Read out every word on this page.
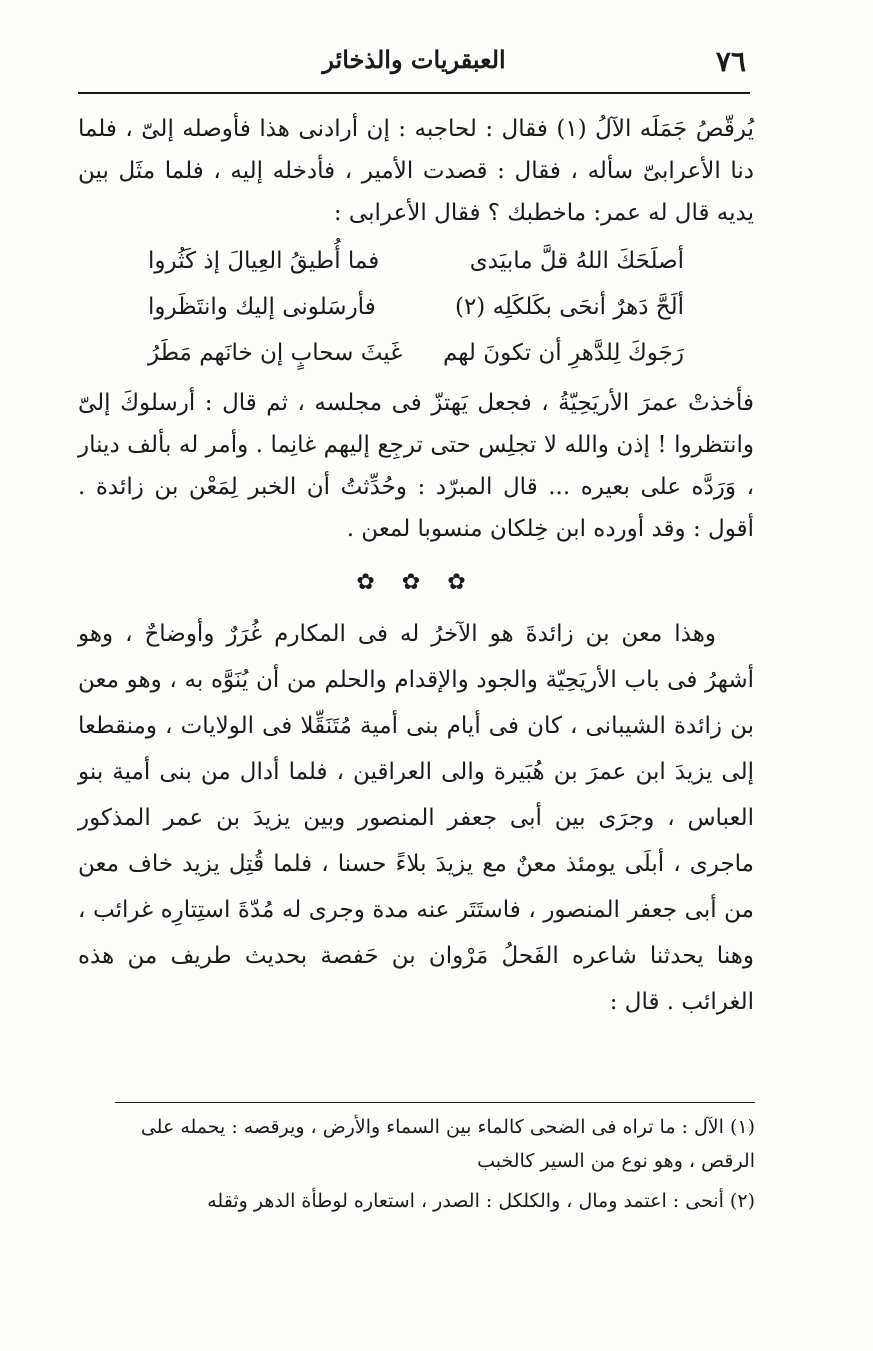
٧٦
العبقريات والذخائر

يُرقّصُ جَمَلَه الآلُ (١) فقال : لحاجبه : إن أرادنى هذا فأوصله إلىّ ، فلما دنا الأعرابىّ سأله ، فقال : قصدت الأمير ، فأدخله إليه ، فلما مثَل بين يديه قال له عمر: ماخطبك ؟ فقال الأعرابى :

أصلَحَكَ اللهُ قلَّ مابيَدى
فما أُطيقُ العِيالَ إذ كَثُروا
ألَحَّ دَهرٌ أنحَى بكَلكَلِه (٢)
فأرسَلونى إليك وانتَظَروا
رَجَوكَ لِلدَّهرِ أن تكونَ لهم
غَيثَ سحابٍ إن خانَهم مَطَرُ

فأخذتْ عمرَ الأريَحِيّةُ ، فجعل يَهتزّ فى مجلسه ، ثم قال : أرسلوكَ إلىّ وانتظروا ! إذن والله لا تجلِس حتى ترجِع إليهم غانِما . وأمر له بألف دينار ، وَرَدَّه على بعيره ... قال المبرّد : وحُدِّثتُ أن الخبر لِمَعْن بن زائدة . أقول : وقد أورده ابن خِلكان منسوبا لمعن .

✿ ✿ ✿

وهذا معن بن زائدةَ هو الآخرُ له فى المكارم غُرَرٌ وأوضاحٌ ، وهو أشهرُ فى باب الأريَحِيّة والجود والإقدام والحلم من أن يُنَوَّه به ، وهو معن بن زائدة الشيبانى ، كان فى أيام بنى أمية مُتَنَقِّلا فى الولايات ، ومنقطعا إلى يزيدَ ابن عمرَ بن هُبَيرة والى العراقين ، فلما أدال من بنى أمية بنو العباس ، وجرَى بين أبى جعفر المنصور وبين يزيدَ بن عمر المذكور ماجرى ، أبلَى يومئذ معنٌ مع يزيدَ بلاءً حسنا ، فلما قُتِل يزيد خاف معن من أبى جعفر المنصور ، فاستَتَر عنه مدة وجرى له مُدّةَ استِتارِه غرائب ، وهنا يحدثنا شاعره الفَحلُ مَرْوان بن حَفصة بحديث طريف من هذه الغرائب . قال :

(١) الآل : ما تراه فى الضحى كالماء بين السماء والأرض ، ويرقصه : يحمله على الرقص ، وهو نوع من السير كالخبب

(٢) أنحى : اعتمد ومال ، والكلكل : الصدر ، استعاره لوطأة الدهر وثقله
